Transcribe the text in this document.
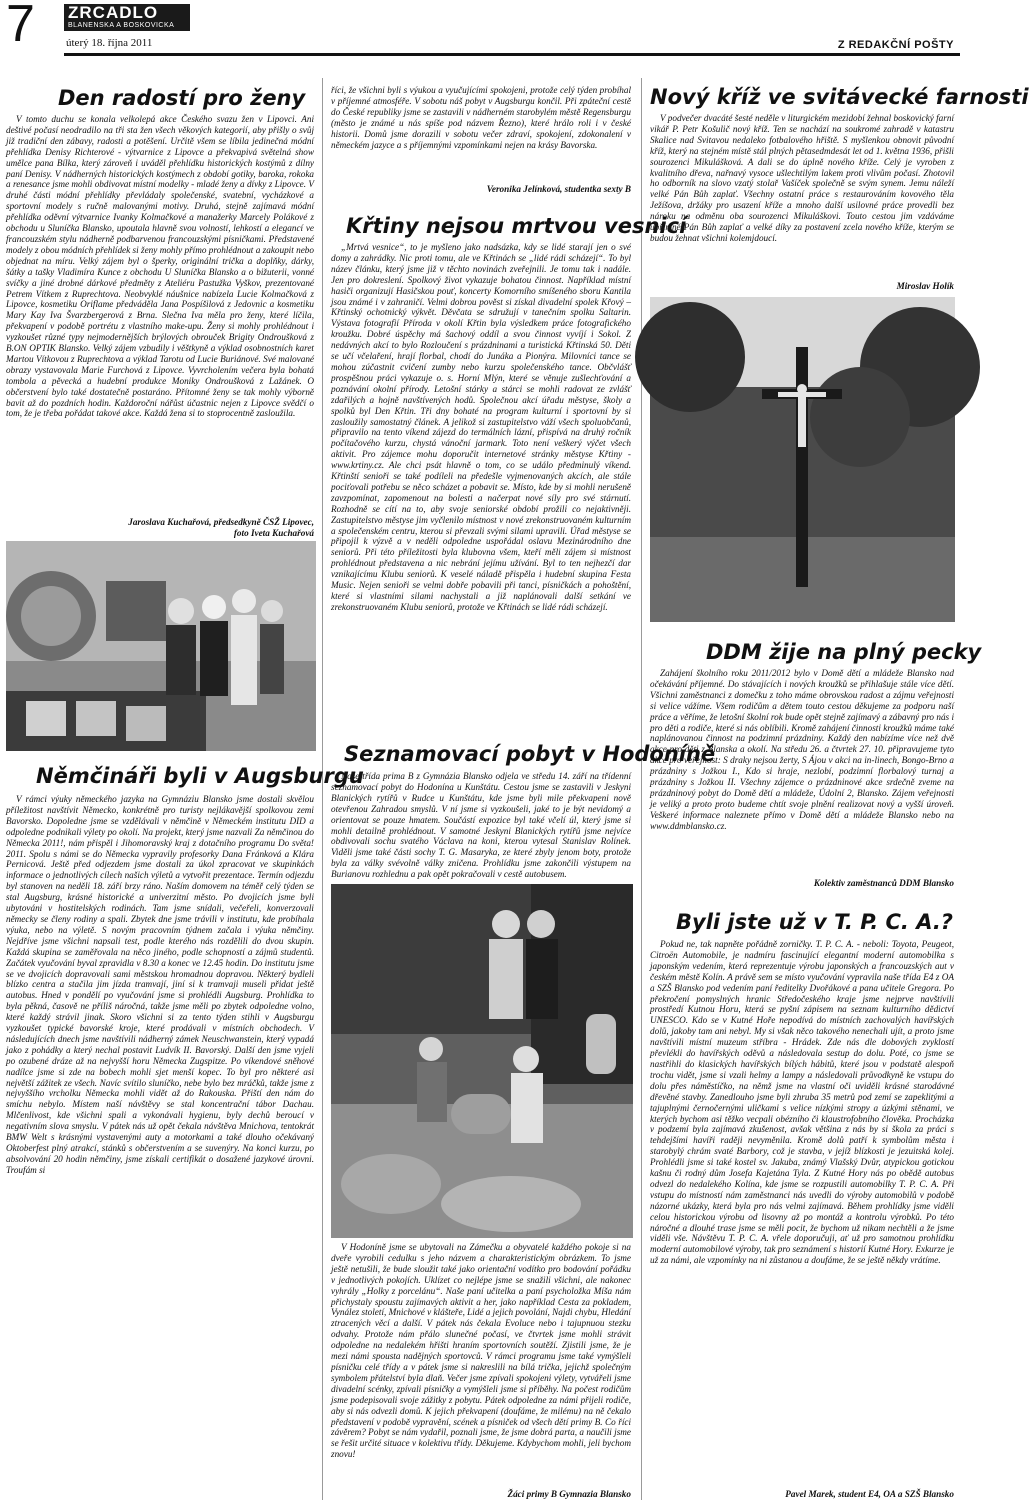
7 ZRCADLO
BLANENSKA A BOSKOVICKA
úterý 18. října 2011	Z REDAKČNÍ POŠTY
Den radostí pro ženy

V tomto duchu se konala velkolepá akce Českého svazu žen v Lipovci. Ani deštivé počasí neodradilo na tři sta žen všech věkových kategorií, aby přišly o svůj již tradiční den zábavy, radosti a potěšení. Určitě všem se líbila jedinečná módní přehlídka Denisy Richterové - výtvarnice z Lipovce a překvapivá světelná show umělce pana Bílka, který zároveň i uváděl přehlídku historických kostýmů z dílny paní Denisy. V nádherných historických kostýmech z období gotiky, baroka, rokoka a renesance jsme mohli obdivovat místní modelky - mladé ženy a dívky z Lipovce. V druhé části módní přehlídky převládaly společenské, svatební, vycházkové a sportovní modely s ručně malovanými motivy. Druhá, stejně zajímavá módní přehlídka oděvní výtvarnice Ivanky Kolmačkové a manažerky Marcely Polákové z obchodu u Sluníčka Blansko, upoutala hlavně svou volností, lehkostí a elegancí ve francouzském stylu nádherně podbarvenou francouzskými písničkami. Představené modely z obou módních přehlídek si ženy mohly přímo prohlédnout a zakoupit nebo objednat na míru. Velký zájem byl o šperky, originální trička a doplňky, dárky, šátky a tašky Vladimíra Kunce z obchodu U Sluníčka Blansko a o bižuterii, vonné svíčky a jiné drobné dárkové předměty z Ateliéru Pastužka Vyškov, prezentované Petrem Vítkem z Ruprechtova. Neobvyklé náušnice nabízela Lucie Kolmačková z Lipovce, kosmetiku Oriflame předváděla Jana Pospíšilová z Jedovnic a kosmetiku Mary Kay Iva Švarzbergerová z Brna. Slečna Iva měla pro ženy, které líčila, překvapení v podobě portrétu z vlastního make-upu. Ženy si mohly prohlédnout i vyzkoušet různé typy nejmodernějších brýlových obrouček Brigity Ondroušková z B.ON OPTIK Blansko. Velký zájem vzbudily i věštkyně a výklad osobnostních karet Martou Vítkovou z Ruprechtova a výklad Tarotu od Lucie Buriánové. Své malované obrazy vystavovala Marie Furchová z Lipovce. Vyvrcholením večera byla bohatá tombola a pěvecká a hudební produkce Moniky Ondroušková z Lažánek. O občerstvení bylo také dostatečně postaráno. Přítomné ženy se tak mohly výborně bavit až do pozdních hodin. Každoroční nářůst účastnic nejen z Lipovce svědčí o tom, že je třeba pořádat takové akce. Každá žena si to stoprocentně zasloužila.

Jaroslava Kuchařová, předsedkyně ČSŽ Lipovec,
foto Iveta Kuchařová
Němčináři byli v Augsburgu

V rámci výuky německého jazyka na Gymnáziu Blansko jsme dostali skvělou příležitost navštívit Německo, konkrétně pro turisty nejlákavější spolkovou zemi Bavorsko. Dopoledne jsme se vzdělávali v němčině v Německém institutu DID a odpoledne podnikali výlety po okolí. Na projekt, který jsme nazvali Za němčinou do Německa 2011!, nám přispěl i Jihomoravský kraj z dotačního programu Do světa! 2011. Spolu s námi se do Německa vypravily profesorky Dana Fránková a Klára Pernicová. Ještě před odjezdem jsme dostali za úkol zpracovat ve skupinkách informace o jednotlivých cílech našich výletů a vytvořit prezentace. Termín odjezdu byl stanoven na neděli 18. září brzy ráno. Naším domovem na téměř celý týden se stal Augsburg, krásné historické a univerzitní město. Po dvojicích jsme byli ubytováni v hostitelských rodinách. Tam jsme snídali, večeřeli, konverzovali německy se členy rodiny a spali. Zbytek dne jsme trávili v institutu, kde probíhala výuka, nebo na výletě. S novým pracovním týdnem začala i výuka němčiny. Nejdříve jsme všichni napsali test, podle kterého nás rozdělili do dvou skupin. Každá skupina se zaměřovala na něco jiného, podle schopností a zájmů studentů. Začátek vyučování byval zpravidla v 8.30 a konec ve 12.45 hodin. Do institutu jsme se ve dvojicích dopravovali sami městskou hromadnou dopravou. Některý bydleli blízko centra a stačila jim jízda tramvají, jiní si k tramvaji museli přidat ještě autobus. Hned v pondělí po vyučování jsme si prohlédli Augsburg. Prohlídka to byla pěkná, časově ne příliš náročná, takže jsme měli po zbytek odpoledne volno, které každý strávil jinak. Skoro všichni si za tento týden stihli v Augsburgu vyzkoušet typické bavorské kroje, které prodávali v místních obchodech. V následujících dnech jsme navštívili nádherný zámek Neuschwanstein, který vypadá jako z pohádky a který nechal postavit Ludvík II. Bavorský. Další den jsme vyjeli po ozubené dráze až na nejvyšší horu Německa Zugspitze. Po víkendové sněhové nadílce jsme si zde na bobech mohli sjet menší kopec. To byl pro některé asi největší zážitek ze všech. Navíc svítilo sluníčko, nebe bylo bez mráčků, takže jsme z nejvyššího vrcholku Německa mohli vidět až do Rakouska. Přiští den nám do smíchu nebylo. Místem naší návštěvy se stal koncentrační tábor Dachau. Mlčenlivost, kde všichni spali a vykonávali hygienu, byly dechů beroucí v negativním slova smyslu. V pátek nás už opět čekala návštěva Mnichova, tentokrát BMW Welt s krásnými vystavenými auty a motorkami a také dlouho očekávaný Oktoberfest plný atrakcí, stánků s občerstvením a se suvenýry. Na konci kurzu, po absolvování 20 hodin němčiny, jsme získali certifikát o dosažené jazykové úrovni. Troufám si

říci, že všichni byli s výukou a vyučujícími spokojeni, protože celý týden probíhal v příjemné atmosféře. V sobotu náš pobyt v Augsburgu končil. Při zpáteční cestě do České republiky jsme se zastavili v nádherném starobylém městě Regensburgu (město je známé u nás spíše pod názvem Řezno), které hrálo roli i v české historii. Domů jsme dorazili v sobotu večer zdraví, spokojení, zdokonalení v německém jazyce a s příjemnými vzpomínkami nejen na krásy Bavorska.

Veronika Jelínková, studentka sexty B
Křtiny nejsou mrtvou vesnicí

„Mrtvá vesnice“, to je myšleno jako nadsázka, kdy se lidé starají jen o své domy a zahrádky. Nic proti tomu, ale ve Křtinách se „lidé rádi scházejí“. To byl název článku, který jsme již v těchto novinách zveřejnili. Je tomu tak i nadále. Jen pro dokreslení. Spolkový život vykazuje bohatou činnost. Například místní hasiči organizují Hasičskou pouť, koncerty Komorního smíšeného sboru Kantila jsou známé i v zahraničí. Velmi dobrou pověst si získal divadelní spolek Křový – Křtinský ochotnický výkvět. Děvčata se sdružují v tanečním spolku Saltarin. Výstava fotografií Příroda v okolí Křtin byla výsledkem práce fotografického kroužku. Dobré úspěchy má šachový oddíl a svou činnost vyvíjí i Sokol. Z nedávných akcí to bylo Rozloučení s prázdninami a turistická Křtinská 50. Děti se učí včelaření, hrají florbal, chodí do Junáka a Pionýra. Milovníci tance se mohou zúčastnit cvičení zumby nebo kurzu společenského tance. Občvlášť prospěšnou práci vykazuje o. s. Horní Mlýn, které se věnuje zušlechťování a poznávání okolní přírody. Letošní stárky a stárci se mohli radovat ze zvlášť zdařilých a hojně navštívených hodů. Společnou akcí úřadu městyse, školy a spolků byl Den Křtin. Tři dny bohaté na program kulturní i sportovní by si zasloužily samostatný článek. A jelikož si zastupitelstvo váží všech spoluobčanů, připravilo na tento víkend zájezd do termálních lázní, přispívá na druhý ročník počítačového kurzu, chystá vánoční jarmark. Toto není veškerý výčet všech aktivit. Pro zájemce mohu doporučit internetové stránky městyse Křtiny - www.krtiny.cz. Ale chci psát hlavně o tom, co se událo předminulý víkend. Křtinští senioři se také podíleli na předešle vyjmenovaných akcích, ale stále pociťovali potřebu se něco scházet a pobavit se. Místo, kde by si mohli nerušeně zavzpomínat, zapomenout na bolesti a načerpat nové síly pro své stárnutí. Rozhodně se cítí na to, aby svoje seniorské období prožili co nejaktivněji. Zastupitelstvo městyse jim vyčlenilo místnost v nové zrekonstruovaném kulturním a společenském centru, kterou si převzali svými silami upravili. Úřad městyse se připojil k výzvě a v neděli odpoledne uspořádal oslavu Mezinárodního dne seniorů. Při této příležitosti byla klubovna všem, kteří měli zájem si místnost prohlédnout představena a nic nebrání jejímu užívání. Byl to ten nejhezčí dar vznikajícímu Klubu seniorů. K veselé náladě přispěla i hudební skupina Festa Music. Nejen senioři se velmi dobře pobavili při tanci, písničkách a pohoštění, které si vlastními silami nachystali a již naplánovali další setkání ve zrekonstruovaném Klubu seniorů, protože ve Křtinách se lidé rádi scházejí.

Seznamovací pobyt v Hodoníně

Naše třída prima B z Gymnázia Blansko odjela ve středu 14. září na třídenní seznamovací pobyt do Hodonína u Kunštátu. Cestou jsme se zastavili v Jeskyni Blanických rytířů v Rudce u Kunštátu, kde jsme byli mile překvapeni nově otevřenou Zahradou smyslů. V ní jsme si vyzkoušeli, jaké to je být nevidomý a orientovat se pouze hmatem. Součástí expozice byl také včelí úl, který jsme si mohli detailně prohlédnout. V samotné Jeskyni Blanických rytířů jsme nejvíce obdivovali sochu svatého Václava na koni, kterou vytesal Stanislav Rolínek. Viděli jsme také části sochy T. G. Masaryka, ze které zbyly jenom boty, protože byla za války svévolně války zničena. Prohlídku jsme zakončili výstupem na Burianovu rozhlednu a pak opět pokračovali v cestě autobusem.

V Hodoníně jsme se ubytovali na Zámečku a obyvatelé každého pokoje si na dveře vyrobili cedulku s jeho názvem a charakteristickým obrázkem. To jsme ještě netušili, že bude sloužit také jako orientační vodítko pro bodování pořádku v jednotlivých pokojích. Uklízet co nejlépe jsme se snažili všichni, ale nakonec vyhrály „Holky z porcelánu“. Naše paní učitelka a paní psycholožka Míša nám přichystaly spoustu zajímavých aktivit a her, jako například Cesta za pokladem, Vynález století, Mnichové v klášteře, Lidé a jejich povolání, Najdi chybu, Hledání ztracených věcí a další. V pátek nás čekala Evoluce nebo i tajupnuou stezku odvahy. Protože nám přálo slunečné počasí, ve čtvrtek jsme mohli strávit odpoledne na nedalekém hřišti hraním sportovních soutěží. Zjistili jsme, že je mezi námi spousta nadějných sportovců. V rámci programu jsme také vymýšleli písničku celé třídy a v pátek jsme si nakreslili na bílá trička, jejichž společným symbolem přátelství byla dlaň. Večer jsme zpívali spokojeni výlety, vytvářeli jsme divadelní scénky, zpívali písničky a vymýšleli jsme si příběhy. Na počest rodičům jsme podepisovali svoje zážitky z pobytu. Pátek odpoledne za námi přijeli rodiče, aby si nás odvezli domů. K jejich překvapení (doufáme, že milému) na ně čekalo představení v podobě vypravění, scének a písniček od všech dětí primy B. Co říci závěrem? Pobyt se nám vydařil, poznali jsme, že jsme dobrá parta, a naučili jsme se řešit určité situace v kolektivu třídy. Děkujeme. Kdybychom mohli, jeli bychom znovu!

Žáci primy B Gymnazia Blansko
Nový kříž ve svitávecké farnosti

V podvečer dvacáté šesté neděle v liturgickém mezidobí žehnal boskovický farní vikář P. Petr Košulič nový kříž. Ten se nachází na soukromé zahradě v katastru Skalice nad Svitavou nedaleko fotbalového hřiště. S myšlenkou obnovit původní kříž, který na stejném místě stál plných pětasedmdesát let od 1. května 1936, přišli sourozenci Mikulášková. A dali se do úplně nového kříže. Celý je vyroben z kvalitního dřeva, nařnavý vysoce ušlechtilým lakem proti vlivům počasí. Zhotovil ho odborník na slovo vzatý stolař Vašíček společně se svým synem. Jemu náleží velké Pán Bůh zaplať. Všechny ostatní práce s restaurováním kovového těla Ježíšova, držáky pro usazení kříže a mnoho další usilovné práce provedli bez nároku na odměnu oba sourozenci Mikuláškovi. Touto cestou jim vzdáváme upřímné Pán Bůh zaplať a velké díky za postavení zcela nového kříže, kterým se budou žehnat všichni kolemjdoucí.

Miroslav Holík
DDM žije na plný pecky

Zahájení školního roku 2011/2012 bylo v Domě dětí a mládeže Blansko nad očekávání příjemné. Do stávajících i nových kroužků se přihlašuje stále více dětí. Všichni zaměstnanci z domečku z toho máme obrovskou radost a zájmu veřejnosti si velice vážíme. Všem rodičům a dětem touto cestou děkujeme za podporu naší práce a věříme, že letošní školní rok bude opět stejně zajímavý a zábavný pro nás i pro děti a rodiče, které si nás oblíbili. Kromě zahájení činnosti kroužků máme také naplánovanou činnost na podzimní prázdniny. Každý den nabízíme více než dvě akce pro děti z Blanska a okolí. Na středu 26. a čtvrtek 27. 10. připravujeme tyto akce pro veřejnost: S draky nejsou žerty, S Ájou v akci na in-linech, Bongo-Brno a prázdniny s Jožkou I., Kdo si hraje, nezlobí, podzimní florbalový turnaj a prázdniny s Jožkou II. Všechny zájemce o prázdninové akce srdečně zveme na prázdninový pobyt do Domě dětí a mládeže, Údolní 2, Blansko. Zájem veřejnosti je veliký a proto proto budeme chtít svoje plnění realizovat nový a vyšší úroveň. Veškeré informace naleznete přímo v Domě dětí a mládeže Blansko nebo na www.ddmblansko.cz.

Kolektiv zaměstnanců DDM Blansko
Byli jste už v T. P. C. A.?

Pokud ne, tak napněte pořádně zorničky. T. P. C. A. - neboli: Toyota, Peugeot, Citroën Automobile, je nadmíru fascinující elegantní moderní automobilka s japonským vedením, která reprezentuje výrobu japonských a francouzských aut v českém městě Kolín. A právě sem se místo vyučování vypravila naše třída E4 z OA a SZŠ Blansko pod vedením paní ředitelky Dvořákové a pana učitele Gregora. Po překročení pomyslných hranic Středočeského kraje jsme nejprve navštívili prostředí Kutnou Horu, která se pyšní zápisem na seznam kulturního dědictví UNESCO. Kdo se v Kutné Hoře nepodívá do místních zachovalých havířských dolů, jakoby tam ani nebyl. My si však něco takového nenechali ujít, a proto jsme navštívili místní muzeum stříbra - Hrádek. Zde nás dle dobových zvyklostí převlékli do havířských oděvů a následovala sestup do dolu. Poté, co jsme se nastřihli do klasických havířských bílých hábitů, které jsou v podstatě alespoň trochu vidět, jsme si vzali helmy a lampy a následovali průvodkyně ke vstupu do dolu přes náměstíčko, na němž jsme na vlastní oči uviděli krásné starodávné dřevěné stavby. Zanedlouho jsme byli zhruba 35 metrů pod zemí se zapeklitými a tajuplnými černočernými uličkami s velice nízkými stropy a úzkými stěnami, ve kterých bychom asi těžko vecpali obézního či klaustrofobního člověka. Procházka v podzemí byla zajímavá zkušenost, avšak většina z nás by si škola za práci s tehdejšími havíři raději nevyměnila. Kromě dolů patří k symbolům města i starobylý chrám svaté Barbory, což je stavba, v jejíž blízkosti je jezuitská kolej. Prohlédli jsme si také kostel sv. Jakuba, známý Vlašský Dvůr, atypickou gotickou kašnu či rodný dům Josefa Kajetána Tyla. Z Kutné Hory nás po obědě autobus odvezl do nedalekého Kolína, kde jsme se rozpustili automobilky T. P. C. A. Při vstupu do místností nám zaměstnanci nás uvedli do výroby automobilů v podobě názorné ukázky, která byla pro nás velmi zajímavá. Během prohlídky jsme viděli celou historickou výrobu od lisovny až po montáž a kontrolu výrobků. Po této náročné a dlouhé trase jsme se měli pocit, že bychom už nikam nechtěli a že jsme viděli vše. Návštěvu T. P. C. A. vřele doporučuji, ať už pro samotnou prohlídku moderní automobilové výroby, tak pro seznámení s historií Kutné Hory. Exkurze je už za námi, ale vzpomínky na ni zůstanou a doufáme, že se ještě někdy vrátíme.

Pavel Marek, student E4, OA a SZŠ Blansko
